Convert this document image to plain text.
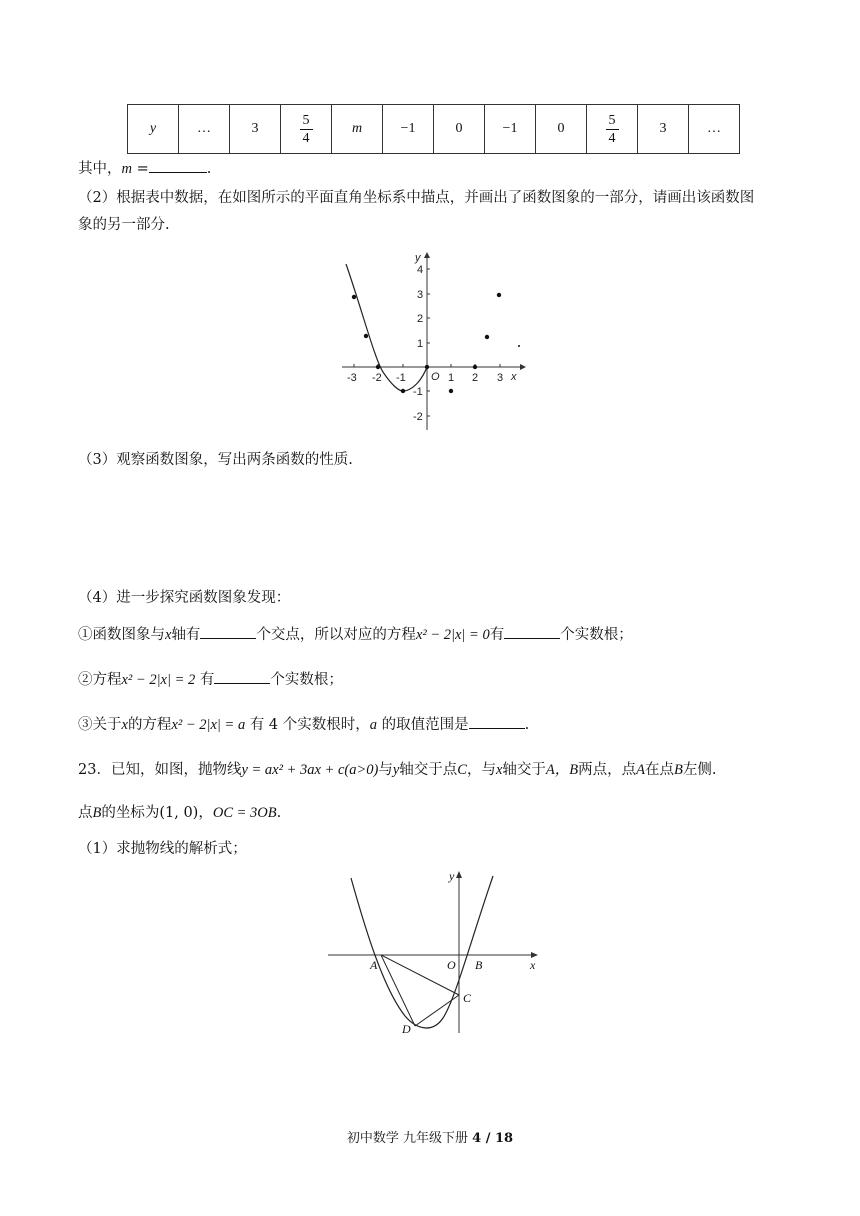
y	…	3	$\frac{5}{4}$	m	−1	0	−1	0	$\frac{5}{4}$	3	…
其中，m =	.
（2）根据表中数据，在如图所示的平面直角坐标系中描点，并画出了函数图象的一部分，请画出该函数图
象的另一部分.
-3 -2 -1	1 2 3
O	x
y
4
3
2
1
-1
-2
（3）观察函数图象，写出两条函数的性质.
（4）进一步探究函数图象发现：
①函数图象与x轴有	个交点，所以对应的方程x² − 2|x| = 0有	个实数根；
②方程x² − 2|x| = 2 有	个实数根；
③关于x的方程x² − 2|x| = a 有 4 个实数根时，a 的取值范围是	.
23．已知，如图，抛物线y = ax² + 3ax + c(a>0)与y轴交于点C，与x轴交于A，B两点，点A在点B左侧.
点B的坐标为(1, 0)，OC = 3OB.
（1）求抛物线的解析式；
x
y
A	O B
C
D
初中数学 九年级下册 4 / 18
